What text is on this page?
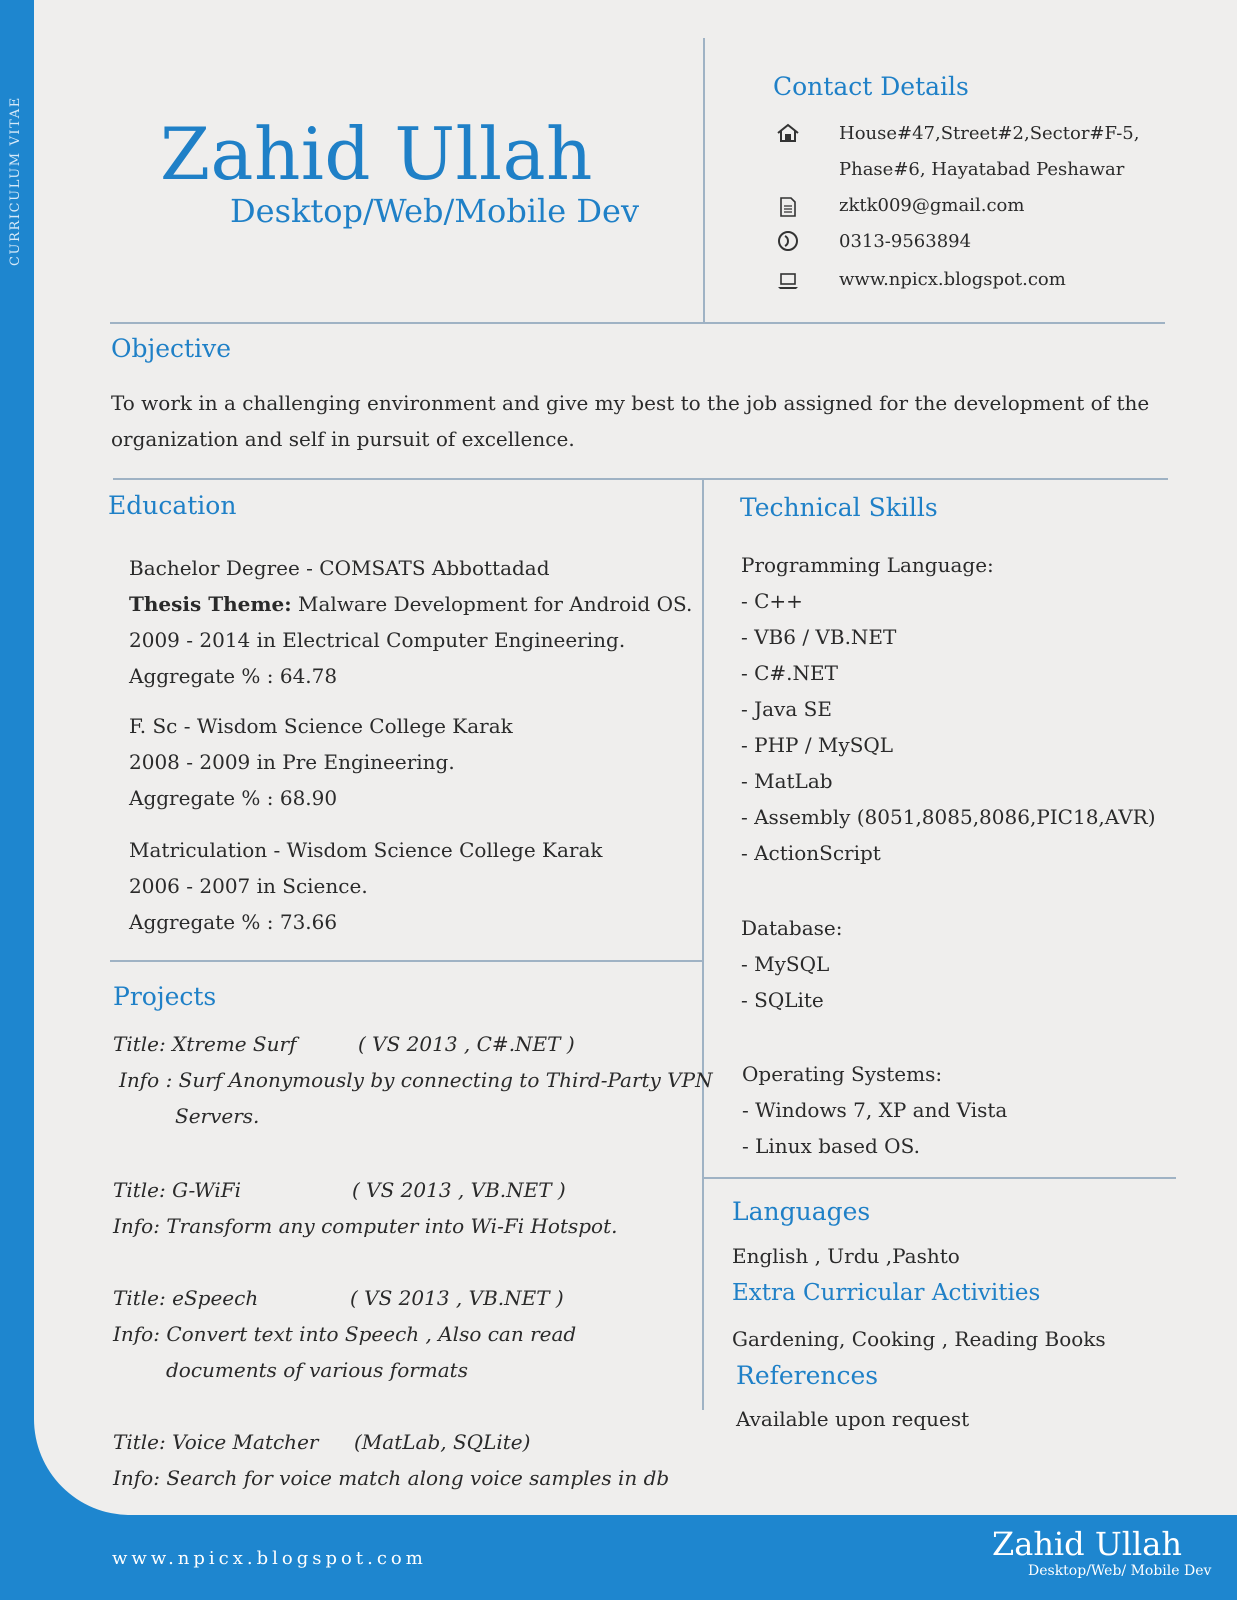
CURRICULUM VITAE Zahid Ullah
Desktop/Web/Mobile Dev
Contact Details
House#47,Street#2,Sector#F-5,
Phase#6, Hayatabad Peshawar
zktk009@gmail.com
0313-9563894
www.npicx.blogspot.com
Objective
To work in a challenging environment and give my best to the job assigned for the development of the
organization and self in pursuit of excellence.
Education
Bachelor Degree - COMSATS Abbottadad
Thesis Theme: Malware Development for Android OS.
2009 - 2014 in Electrical Computer Engineering.
Aggregate % : 64.78
F. Sc - Wisdom Science College Karak
2008 - 2009 in Pre Engineering.
Aggregate % : 68.90
Matriculation - Wisdom Science College Karak
2006 - 2007 in Science.
Aggregate % : 73.66
Projects
Title: Xtreme Surf	( VS 2013 , C#.NET )
Info : Surf Anonymously by connecting to Third-Party VPN
Servers.
Title: G-WiFi	( VS 2013 , VB.NET )
Info: Transform any computer into Wi-Fi Hotspot.
Title: eSpeech	( VS 2013 , VB.NET )
Info: Convert text into Speech , Also can read
documents of various formats
Title: Voice Matcher (MatLab, SQLite)
Info: Search for voice match along voice samples in db
Technical Skills
Programming Language:
- C++
- VB6 / VB.NET
- C#.NET
- Java SE
- PHP / MySQL
- MatLab
- Assembly (8051,8085,8086,PIC18,AVR)
- ActionScript
Database:
- MySQL
- SQLite
Operating Systems:
- Windows 7, XP and Vista
- Linux based OS.
Languages
English , Urdu ,Pashto
Extra Curricular Activities
Gardening, Cooking , Reading Books
References
Available upon request
www.npicx.blogspot.com	Zahid Ullah
Desktop/Web/ Mobile Dev
